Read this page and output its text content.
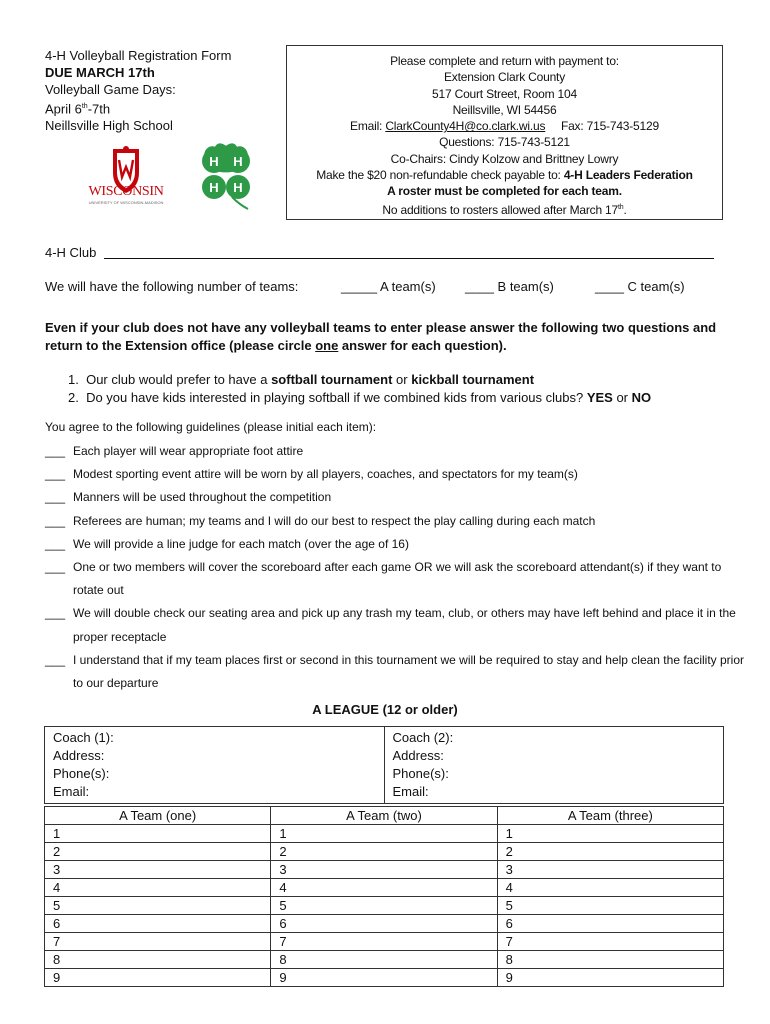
4-H Volleyball Registration Form
DUE MARCH 17th
Volleyball Game Days:
April 6th-7th
Neillsville High School
WISCONSIN
UNIVERSITY OF WISCONSIN-MADISON
H H
H H
Please complete and return with payment to:
Extension Clark County
517 Court Street, Room 104
Neillsville, WI 54456
Email: ClarkCounty4H@co.clark.wi.us Fax: 715-743-5129
Questions: 715-743-5121
Co-Chairs: Cindy Kolzow and Brittney Lowry
Make the $20 non-refundable check payable to: 4-H Leaders Federation
A roster must be completed for each team.
No additions to rosters allowed after March 17th.
4-H Club
We will have the following number of teams:	_____ A team(s) ____ B team(s)	____ C team(s)
Even if your club does not have any volleyball teams to enter please answer the following two questions and return to the Extension office (please circle one answer for each question).
1. Our club would prefer to have a softball tournament or kickball tournament
2. Do you have kids interested in playing softball if we combined kids from various clubs? YES or NO
You agree to the following guidelines (please initial each item):
___ Each player will wear appropriate foot attire
___ Modest sporting event attire will be worn by all players, coaches, and spectators for my team(s)
___ Manners will be used throughout the competition
___ Referees are human; my teams and I will do our best to respect the play calling during each match
___ We will provide a line judge for each match (over the age of 16)
___ One or two members will cover the scoreboard after each game OR we will ask the scoreboard attendant(s) if they want to rotate out
___ We will double check our seating area and pick up any trash my team, club, or others may have left behind and place it in the proper receptacle
___ I understand that if my team places first or second in this tournament we will be required to stay and help clean the facility prior to our departure
A LEAGUE (12 or older)
Coach (1):
Address:
Phone(s):
Email:

Coach (2):
Address:
Phone(s):
Email:
A Team (one)	A Team (two)	A Team (three)
1	1	1
2	2	2
3	3	3
4	4	4
5	5	5
6	6	6
7	7	7
8	8	8
9	9	9
